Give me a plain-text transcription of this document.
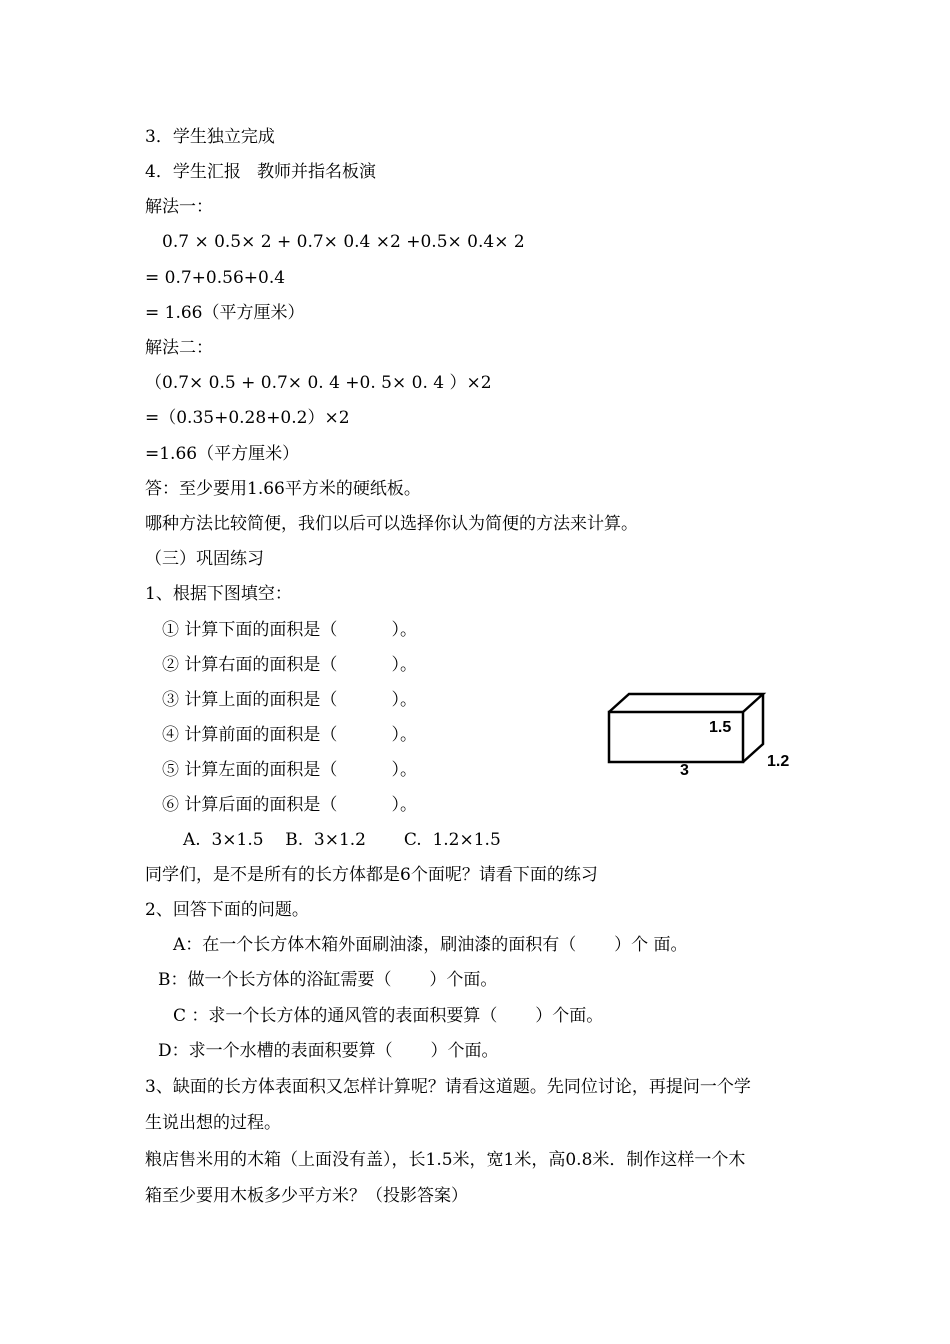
3．学生独立完成
4．学生汇报   教师并指名板演
解法一：
0.7 × 0.5× 2 + 0.7× 0.4 ×2 +0.5× 0.4× 2
= 0.7+0.56+0.4
= 1.66（平方厘米）
解法二：
（0.7× 0.5 + 0.7× 0. 4 +0. 5× 0. 4 ）×2
=（0.35+0.28+0.2）×2
=1.66（平方厘米）
答：至少要用1.66平方米的硬纸板。
哪种方法比较简便，我们以后可以选择你认为简便的方法来计算。
（三）巩固练习
1、根据下图填空：
① 计算下面的面积是（          ）。
② 计算右面的面积是（          ）。
③ 计算上面的面积是（          ）。
④ 计算前面的面积是（          ）。
⑤ 计算左面的面积是（          ）。
⑥ 计算后面的面积是（          ）。
A.  3×1.5    B.  3×1.2       C.  1.2×1.5
同学们，是不是所有的长方体都是6个面呢？请看下面的练习
2、回答下面的问题。
A：在一个长方体木箱外面刷油漆，刷油漆的面积有（       ）个 面。
B：做一个长方体的浴缸需要（       ）个面。
C ：求一个长方体的通风管的表面积要算（       ）个面。
D：求一个水槽的表面积要算（       ）个面。
3、缺面的长方体表面积又怎样计算呢？请看这道题。先同位讨论，再提问一个学
生说出想的过程。
粮店售米用的木箱（上面没有盖），长1.5米，宽1米，高0.8米．制作这样一个木
箱至少要用木板多少平方米？（投影答案）
1.5
1.2
3
